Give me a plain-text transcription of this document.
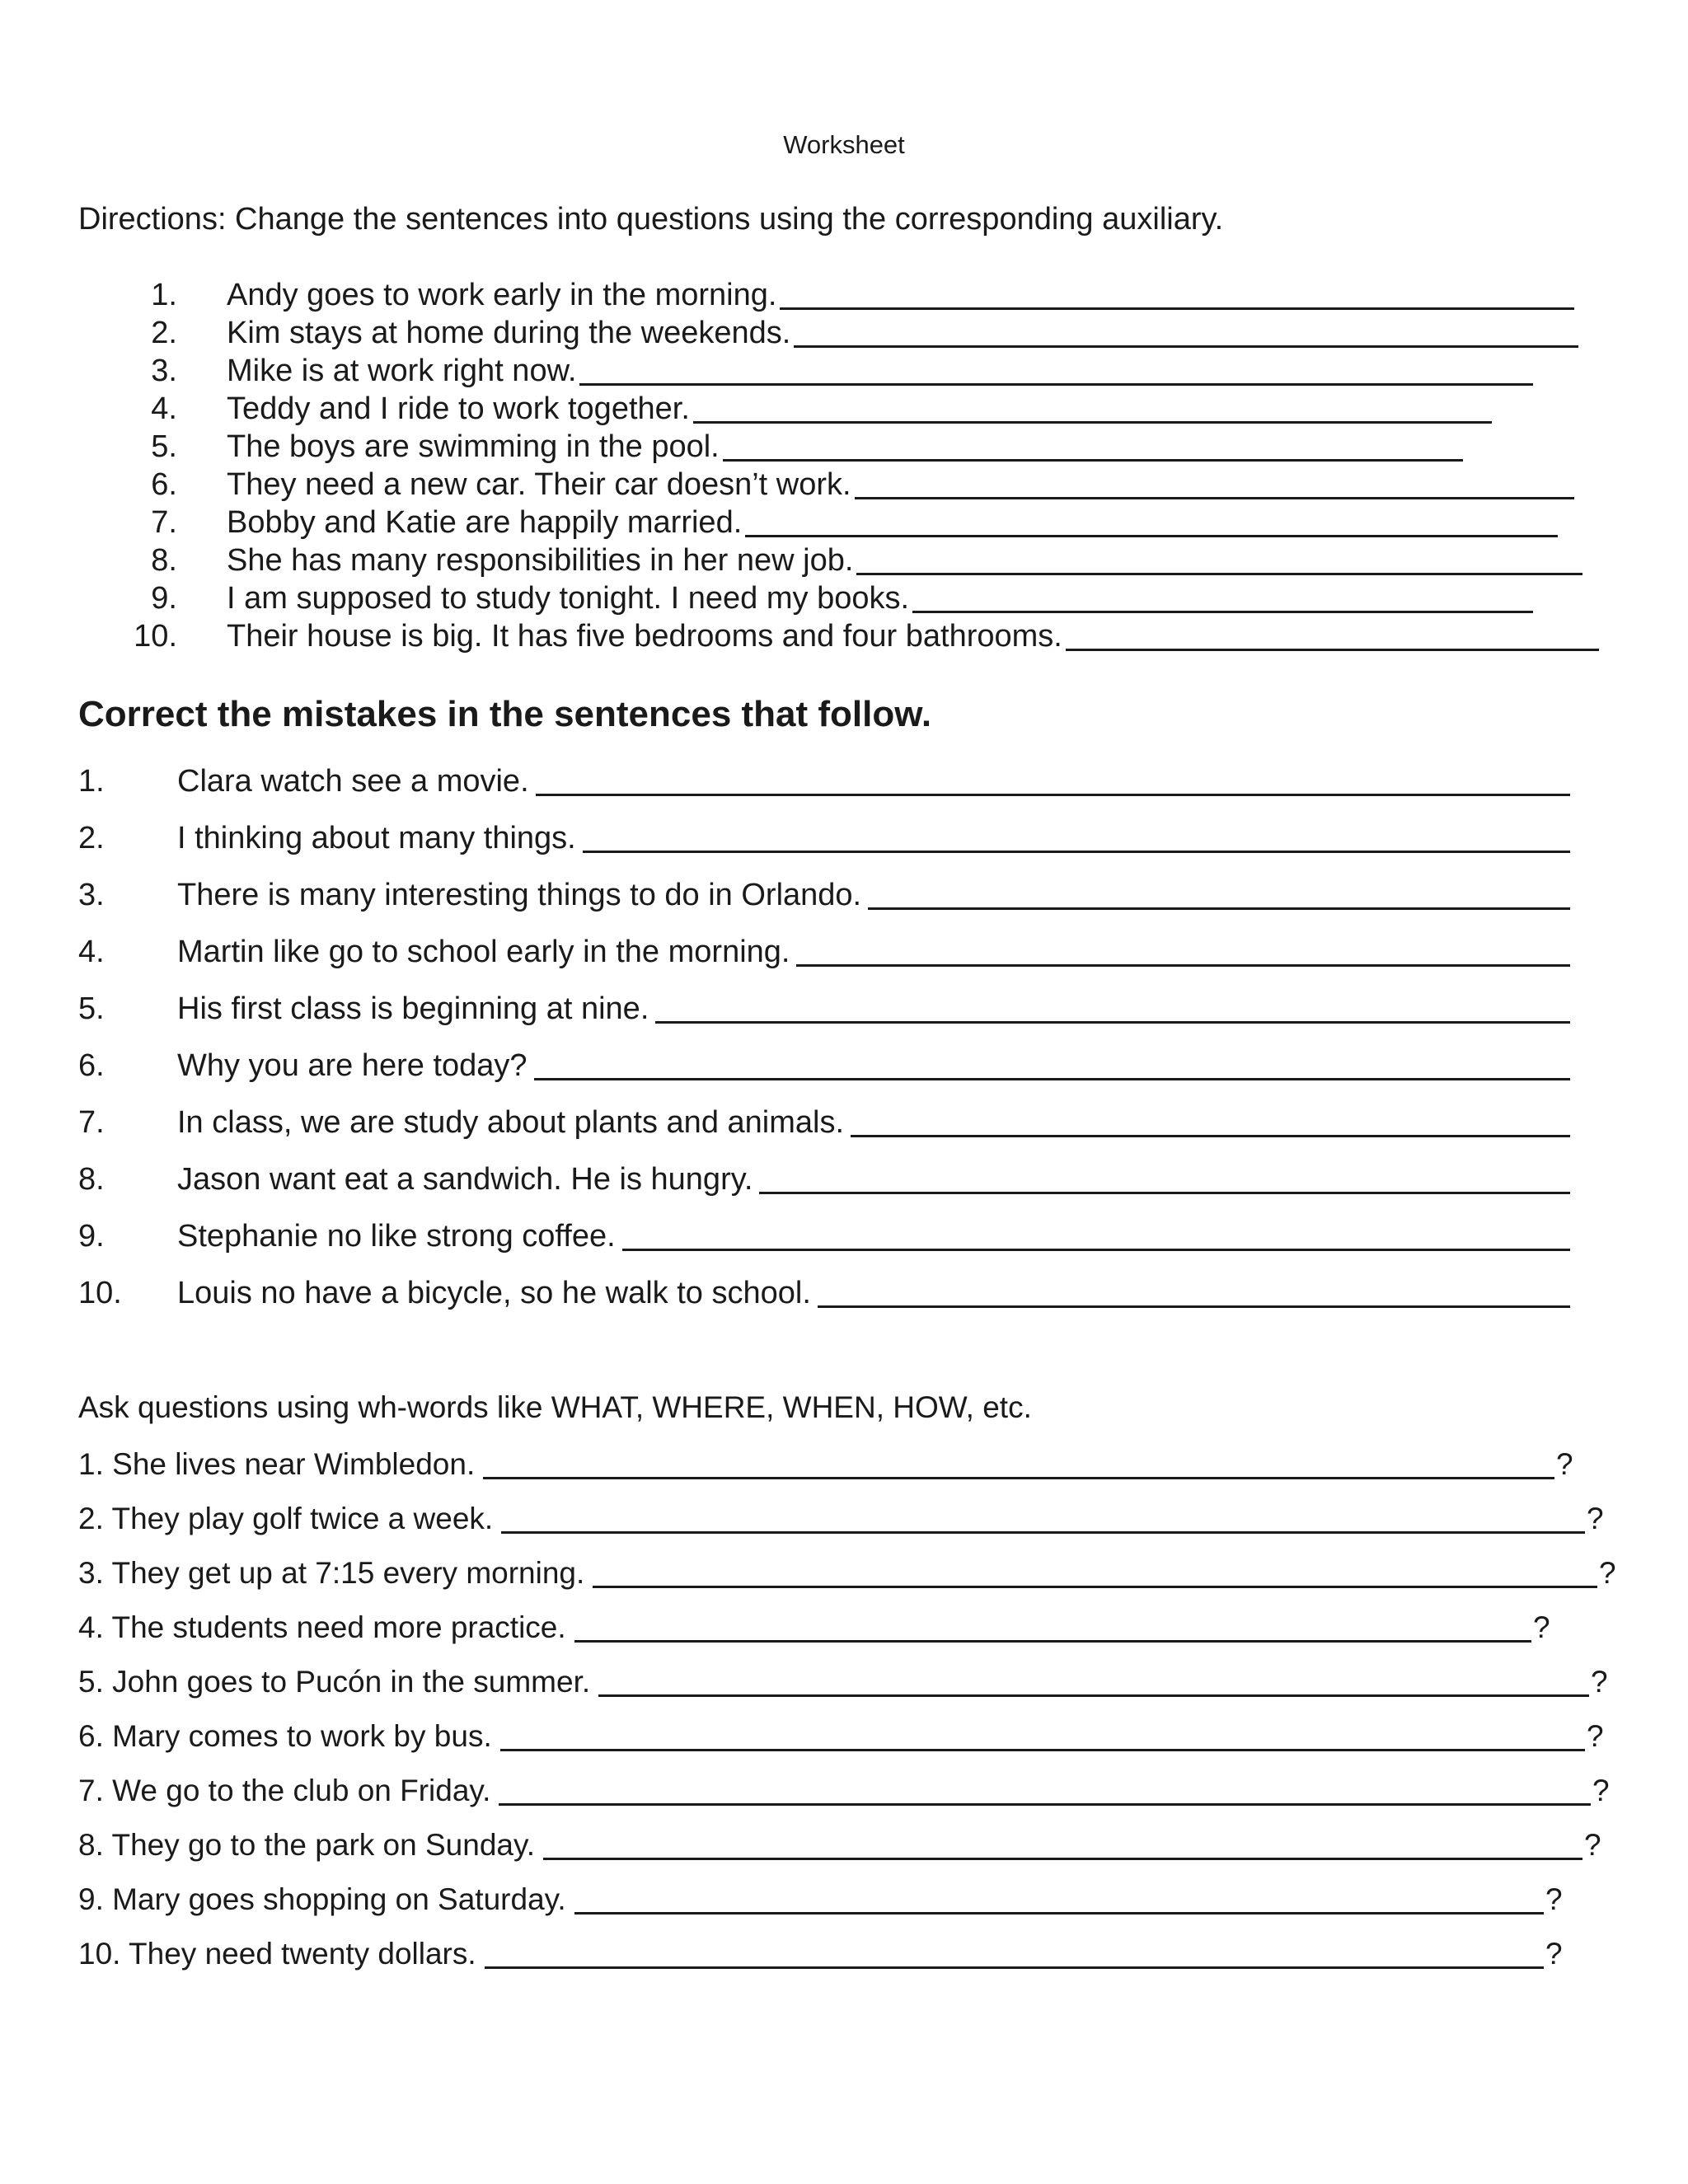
Worksheet
Directions: Change the sentences into questions using the corresponding auxiliary.
1. Andy goes to work early in the morning.
2. Kim stays at home during the weekends.
3. Mike is at work right now.
4. Teddy and I ride to work together.
5. The boys are swimming in the pool.
6. They need a new car. Their car doesn’t work.
7. Bobby and Katie are happily married.
8. She has many responsibilities in her new job.
9. I am supposed to study tonight. I need my books.
10. Their house is big. It has five bedrooms and four bathrooms.
Correct the mistakes in the sentences that follow.
1. Clara watch see a movie.
2. I thinking about many things.
3. There is many interesting things to do in Orlando.
4. Martin like go to school early in the morning.
5. His first class is beginning at nine.
6. Why you are here today?
7. In class, we are study about plants and animals.
8. Jason want eat a sandwich. He is hungry.
9. Stephanie no like strong coffee.
10. Louis no have a bicycle, so he walk to school.
Ask questions using wh-words like WHAT, WHERE, WHEN, HOW, etc.
1. She lives near Wimbledon.	?
2. They play golf twice a week.	?
3. They get up at 7:15 every morning.	?
4. The students need more practice.	?
5. John goes to Pucón in the summer.	?
6. Mary comes to work by bus.	?
7. We go to the club on Friday.	?
8. They go to the park on Sunday.	?
9. Mary goes shopping on Saturday.	?
10. They need twenty dollars.	?
